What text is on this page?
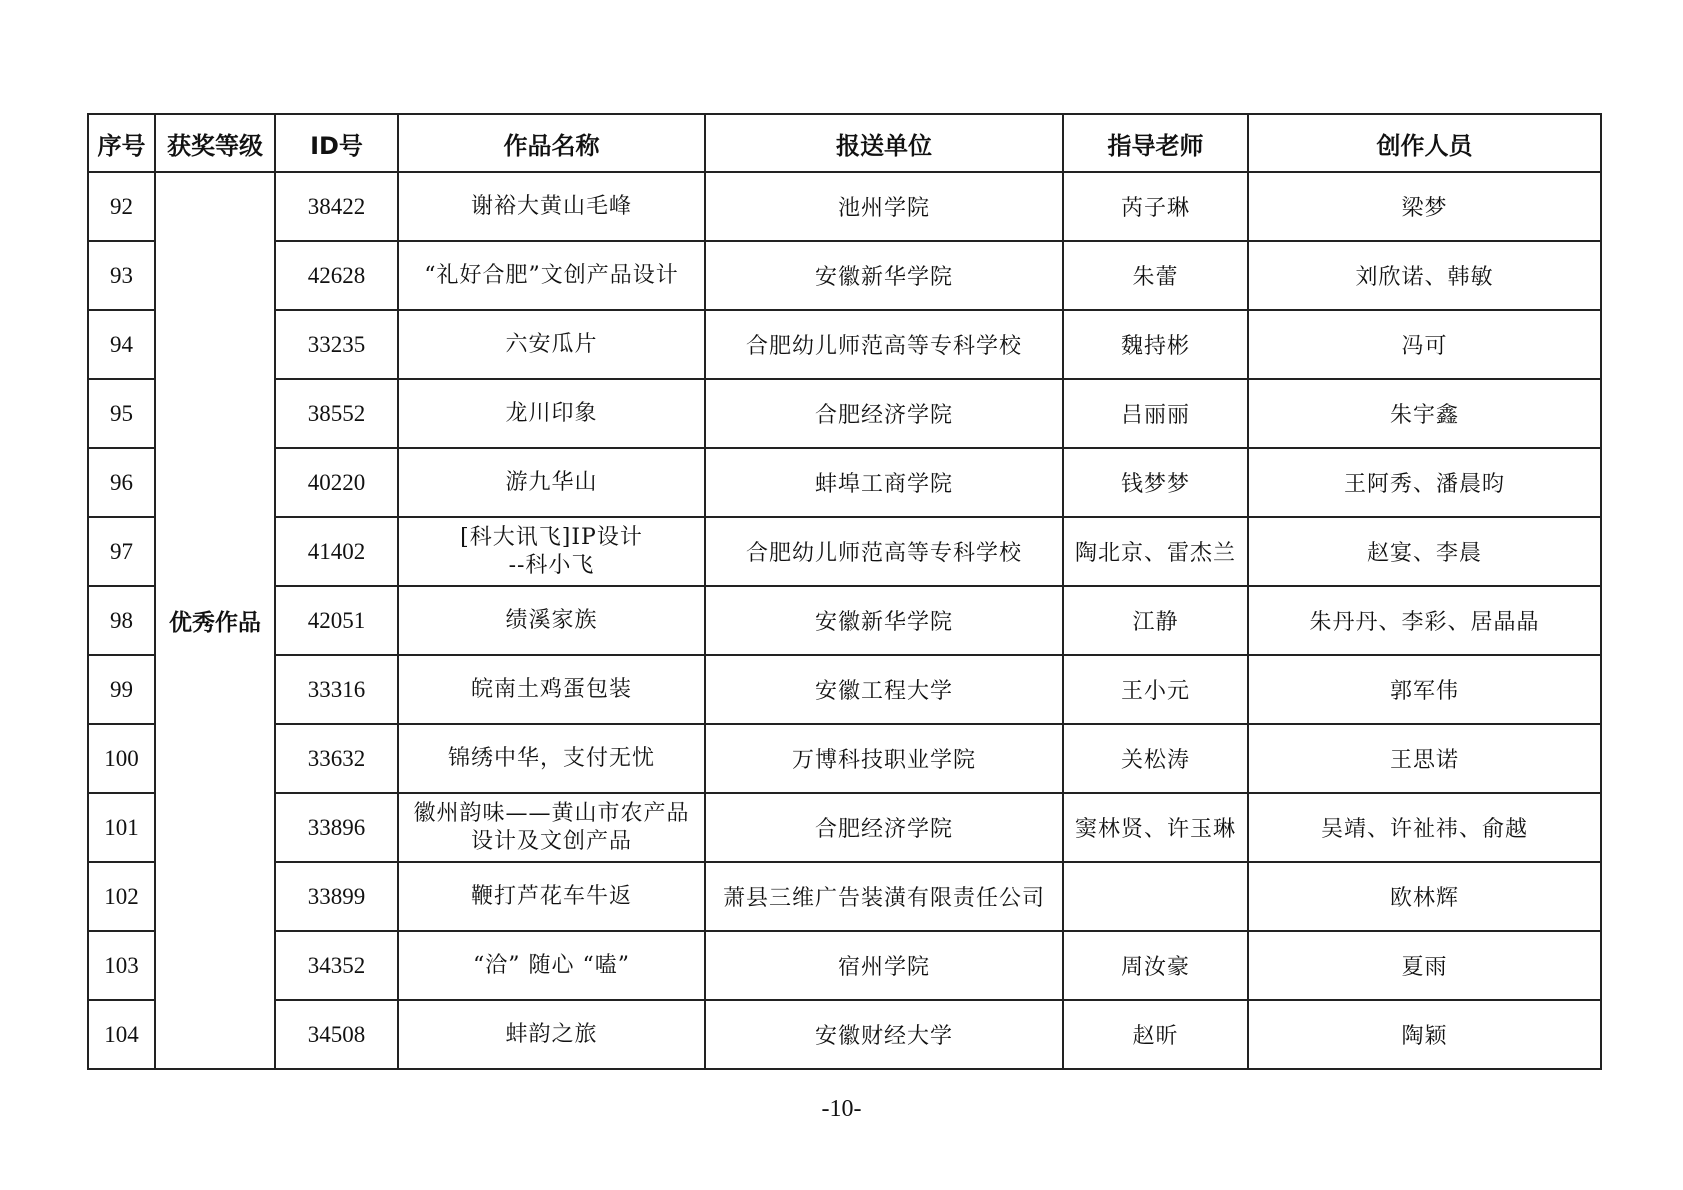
序号	获奖等级	ID号	作品名称	报送单位	指导老师	创作人员
92	优秀作品	38422	谢裕大黄山毛峰	池州学院	芮子琳	梁梦
93		42628	“礼好合肥”文创产品设计	安徽新华学院	朱蕾	刘欣诺、韩敏
94		33235	六安瓜片	合肥幼儿师范高等专科学校	魏持彬	冯可
95		38552	龙川印象	合肥经济学院	吕丽丽	朱宇鑫
96		40220	游九华山	蚌埠工商学院	钱梦梦	王阿秀、潘晨昀
97		41402	[科大讯飞]IP设计
--科小飞	合肥幼儿师范高等专科学校	陶北京、雷杰兰	赵宴、李晨
98		42051	绩溪家族	安徽新华学院	江静	朱丹丹、李彩、居晶晶
99		33316	皖南土鸡蛋包装	安徽工程大学	王小元	郭军伟
100		33632	锦绣中华，支付无忧	万博科技职业学院	关松涛	王思诺
101		33896	徽州韵味——黄山市农产品
设计及文创产品	合肥经济学院	窦林贤、许玉琳	吴靖、许祉祎、俞越
102		33899	鞭打芦花车牛返	萧县三维广告装潢有限责任公司		欧林辉
103		34352	“洽” 随心 “嗑”	宿州学院	周汝豪	夏雨
104		34508	蚌韵之旅	安徽财经大学	赵昕	陶颖
-10-
